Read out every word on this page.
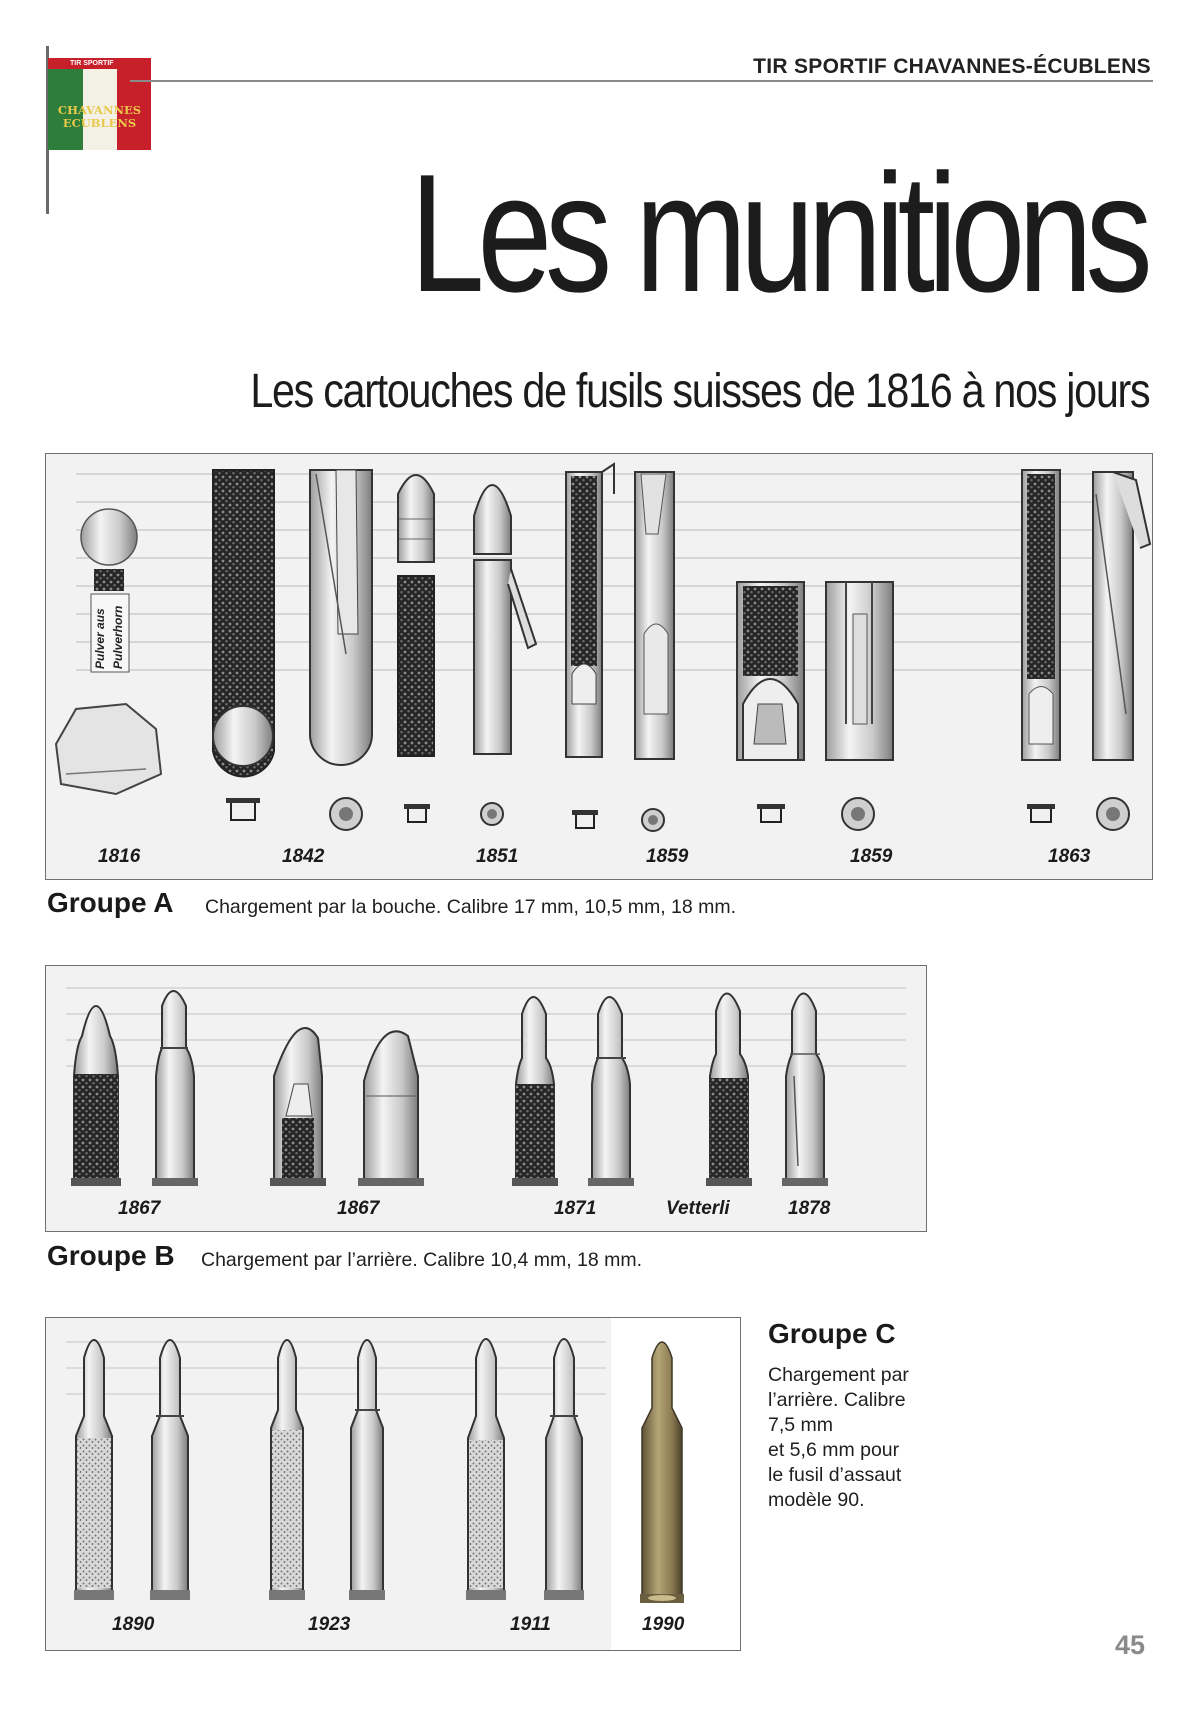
TIR SPORTIF
CHAVANNES
ECUBLENS
TIR SPORTIF CHAVANNES-ÉCUBLENS
Les munitions
Les cartouches de fusils suisses de 1816 à nos jours
Pulver aus Pulverhorn
1816	1842	1851	1859	1859	1863
Groupe A Chargement par la bouche. Calibre 17 mm, 10,5 mm, 18 mm.
1867	1867	1871	Vetterli	1878
Groupe B Chargement par l’arrière. Calibre 10,4 mm, 18 mm.
1890	1923	1911	1990
Groupe C
Chargement par
l’arrière. Calibre
7,5 mm
et 5,6 mm pour
le fusil d’assaut
modèle 90.
45
